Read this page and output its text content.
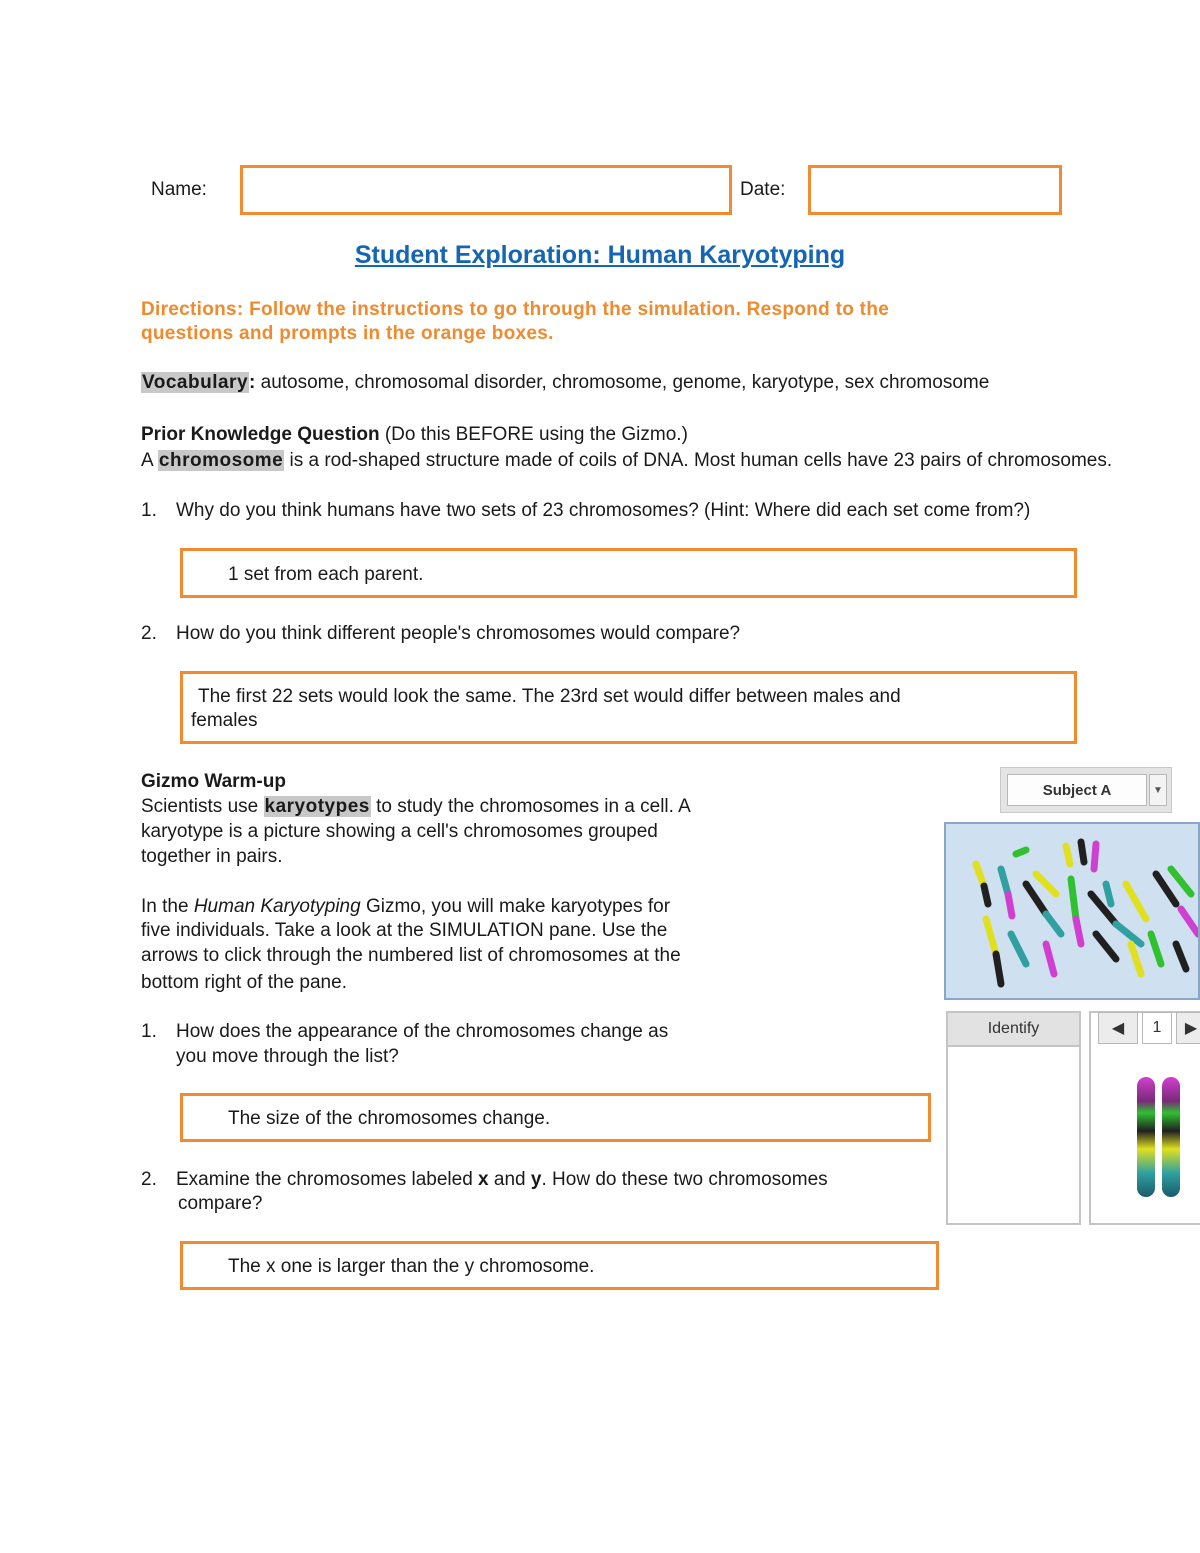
Name:	Date:
Student Exploration: Human Karyotyping
Directions: Follow the instructions to go through the simulation. Respond to the
questions and prompts in the orange boxes.
Vocabulary: autosome, chromosomal disorder, chromosome, genome, karyotype, sex chromosome
Prior Knowledge Question (Do this BEFORE using the Gizmo.)
A chromosome is a rod-shaped structure made of coils of DNA. Most human cells have 23 pairs of chromosomes.
1. Why do you think humans have two sets of 23 chromosomes? (Hint: Where did each set come from?)
1 set from each parent.
2. How do you think different people's chromosomes would compare?
The first 22 sets would look the same. The 23rd set would differ between males and
females
Gizmo Warm-up
Scientists use karyotypes to study the chromosomes in a cell. A
karyotype is a picture showing a cell's chromosomes grouped
together in pairs.
In the Human Karyotyping Gizmo, you will make karyotypes for
five individuals. Take a look at the SIMULATION pane. Use the
arrows to click through the numbered list of chromosomes at the
bottom right of the pane.
1. How does the appearance of the chromosomes change as
you move through the list?
The size of the chromosomes change.
2. Examine the chromosomes labeled x and y. How do these two chromosomes
compare?
The x one is larger than the y chromosome.
Subject A	▼
Identify	◀	1	▶
